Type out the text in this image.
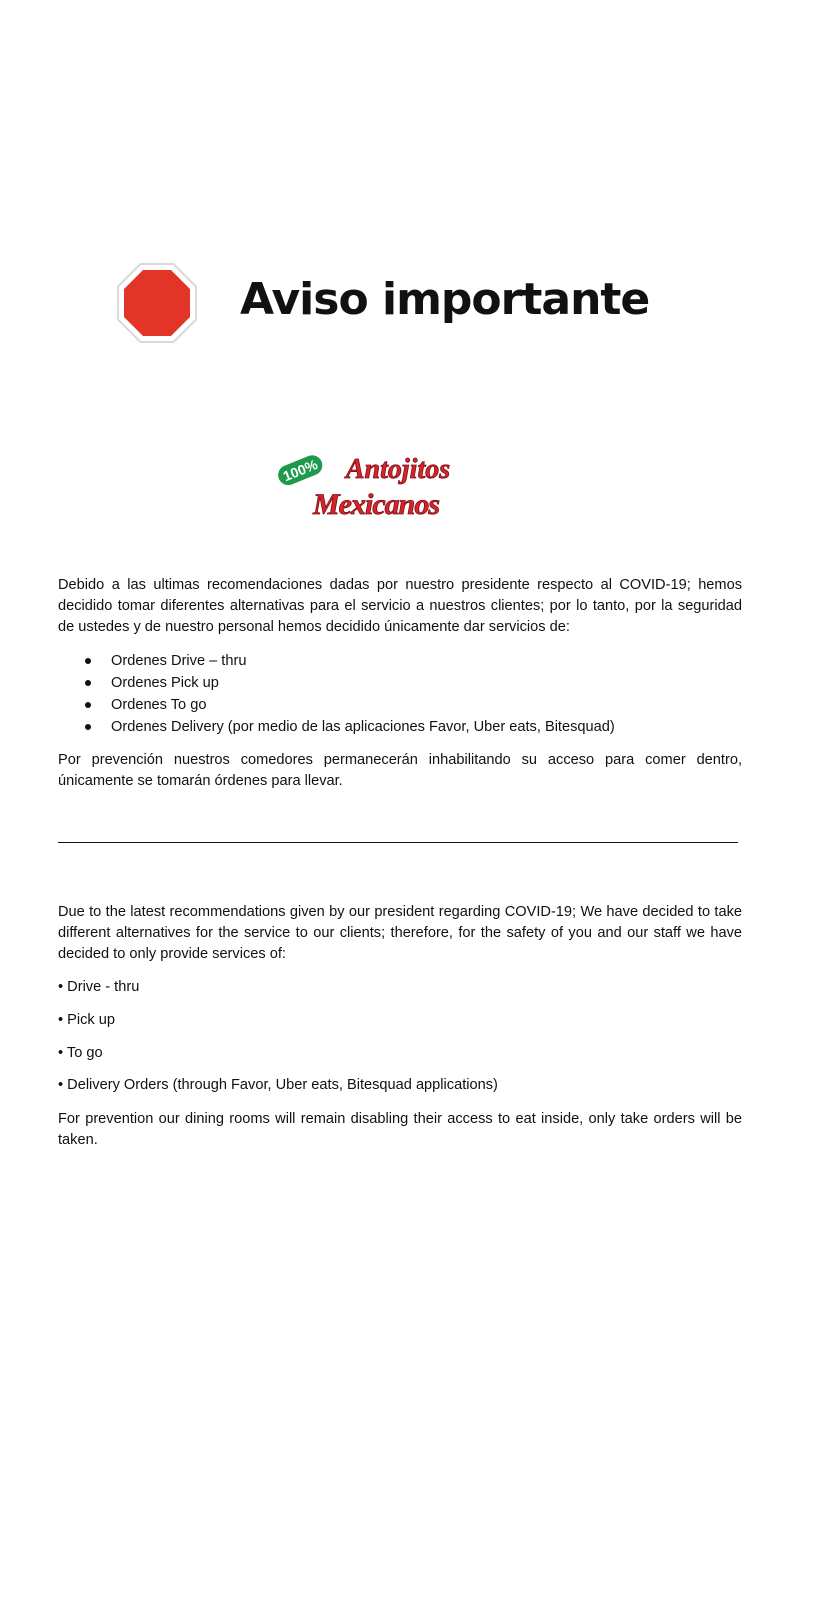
Aviso importante
100% Antojitos
Mexicanos

Debido a las ultimas recomendaciones dadas por nuestro presidente respecto al COVID-19; hemos decidido tomar diferentes alternativas para el servicio a nuestros clientes; por lo tanto, por la seguridad de ustedes y de nuestro personal hemos decidido únicamente dar servicios de:

Ordenes Drive – thru
Ordenes Pick up
Ordenes To go
Ordenes Delivery (por medio de las aplicaciones Favor, Uber eats, Bitesquad)

Por prevención nuestros comedores permanecerán inhabilitando su acceso para comer dentro, únicamente se tomarán órdenes para llevar.

Due to the latest recommendations given by our president regarding COVID-19; We have decided to take different alternatives for the service to our clients; therefore, for the safety of you and our staff we have decided to only provide services of:

• Drive - thru
• Pick up
• To go
• Delivery Orders (through Favor, Uber eats, Bitesquad applications)

For prevention our dining rooms will remain disabling their access to eat inside, only take orders will be taken.
